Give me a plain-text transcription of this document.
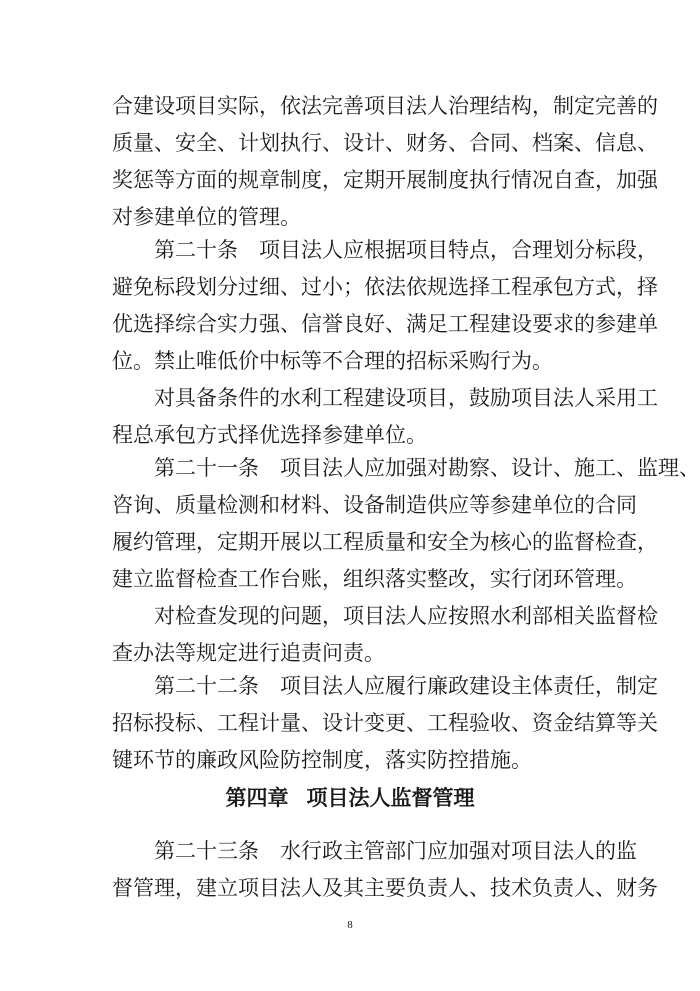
合建设项目实际，依法完善项目法人治理结构，制定完善的
质量、安全、计划执行、设计、财务、合同、档案、信息、
奖惩等方面的规章制度，定期开展制度执行情况自查，加强
对参建单位的管理。
第二十条　 项目法人应根据项目特点，合理划分标段，
避免标段划分过细、过小；依法依规选择工程承包方式，择
优选择综合实力强、信誉良好、满足工程建设要求的参建单
位。禁止唯低价中标等不合理的招标采购行为。
对具备条件的水利工程建设项目，鼓励项目法人采用工
程总承包方式择优选择参建单位。
第二十一条　 项目法人应加强对勘察、设计、施工、监理、
咨询、质量检测和材料、设备制造供应等参建单位的合同
履约管理，定期开展以工程质量和安全为核心的监督检查，
建立监督检查工作台账，组织落实整改，实行闭环管理。
对检查发现的问题，项目法人应按照水利部相关监督检
查办法等规定进行追责问责。
第二十二条　 项目法人应履行廉政建设主体责任，制定
招标投标、工程计量、设计变更、工程验收、资金结算等关
键环节的廉政风险防控制度，落实防控措施。
第四章 项目法人监督管理
第二十三条　 水行政主管部门应加强对项目法人的监
督管理，建立项目法人及其主要负责人、技术负责人、财务
8
